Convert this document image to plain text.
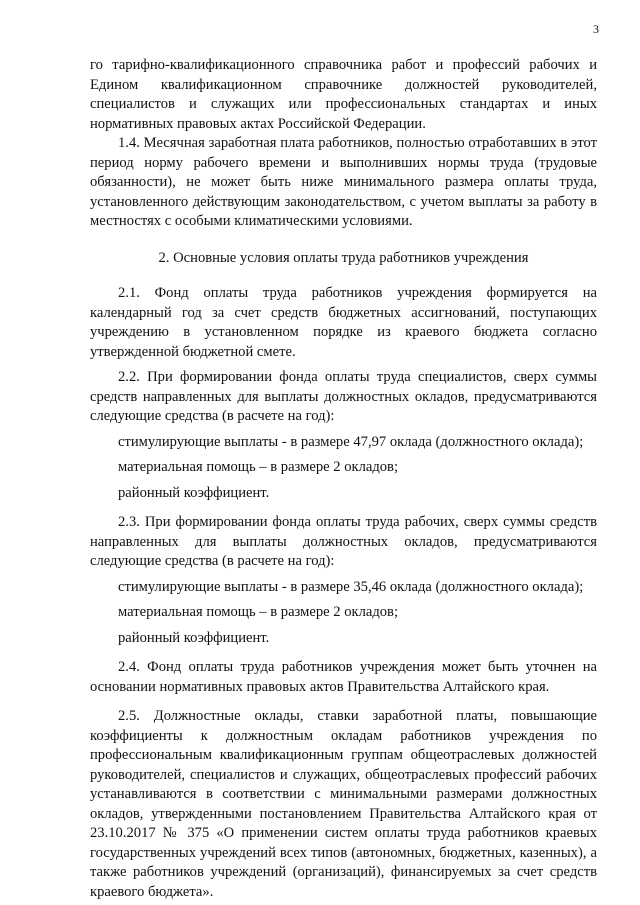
3

го тарифно-квалификационного справочника работ и профессий рабочих и Едином квалификационном справочнике должностей руководителей, специалистов и служащих или профессиональных стандартах и иных нормативных правовых актах Российской Федерации.

1.4. Месячная заработная плата работников, полностью отработавших в этот период норму рабочего времени и выполнивших нормы труда (трудовые обязанности), не может быть ниже минимального размера оплаты труда, установленного действующим законодательством, с учетом выплаты за работу в местностях с особыми климатическими условиями.

2. Основные условия оплаты труда работников учреждения

2.1. Фонд оплаты труда работников учреждения формируется на календарный год за счет средств бюджетных ассигнований, поступающих учреждению в установленном порядке из краевого бюджета согласно утвержденной бюджетной смете.

2.2. При формировании фонда оплаты труда специалистов, сверх суммы средств направленных для выплаты должностных окладов, предусматриваются следующие средства (в расчете на год):

стимулирующие выплаты - в размере 47,97 оклада (должностного оклада);

материальная помощь – в размере 2 окладов;

районный коэффициент.

2.3. При формировании фонда оплаты труда рабочих, сверх суммы средств направленных для выплаты должностных окладов, предусматриваются следующие средства (в расчете на год):

стимулирующие выплаты - в размере 35,46 оклада (должностного оклада);

материальная помощь – в размере 2 окладов;

районный коэффициент.

2.4. Фонд оплаты труда работников учреждения может быть уточнен на основании нормативных правовых актов Правительства Алтайского края.

2.5. Должностные оклады, ставки заработной платы, повышающие коэффициенты к должностным окладам работников учреждения по профессиональным квалификационным группам общеотраслевых должностей руководителей, специалистов и служащих, общеотраслевых профессий рабочих устанавливаются в соответствии с минимальными размерами должностных окладов, утвержденными постановлением Правительства Алтайского края от 23.10.2017 № 375 «О применении систем оплаты труда работников краевых государственных учреждений всех типов (автономных, бюджетных, казенных), а также работников учреждений (организаций), финансируемых за счет средств краевого бюджета».
